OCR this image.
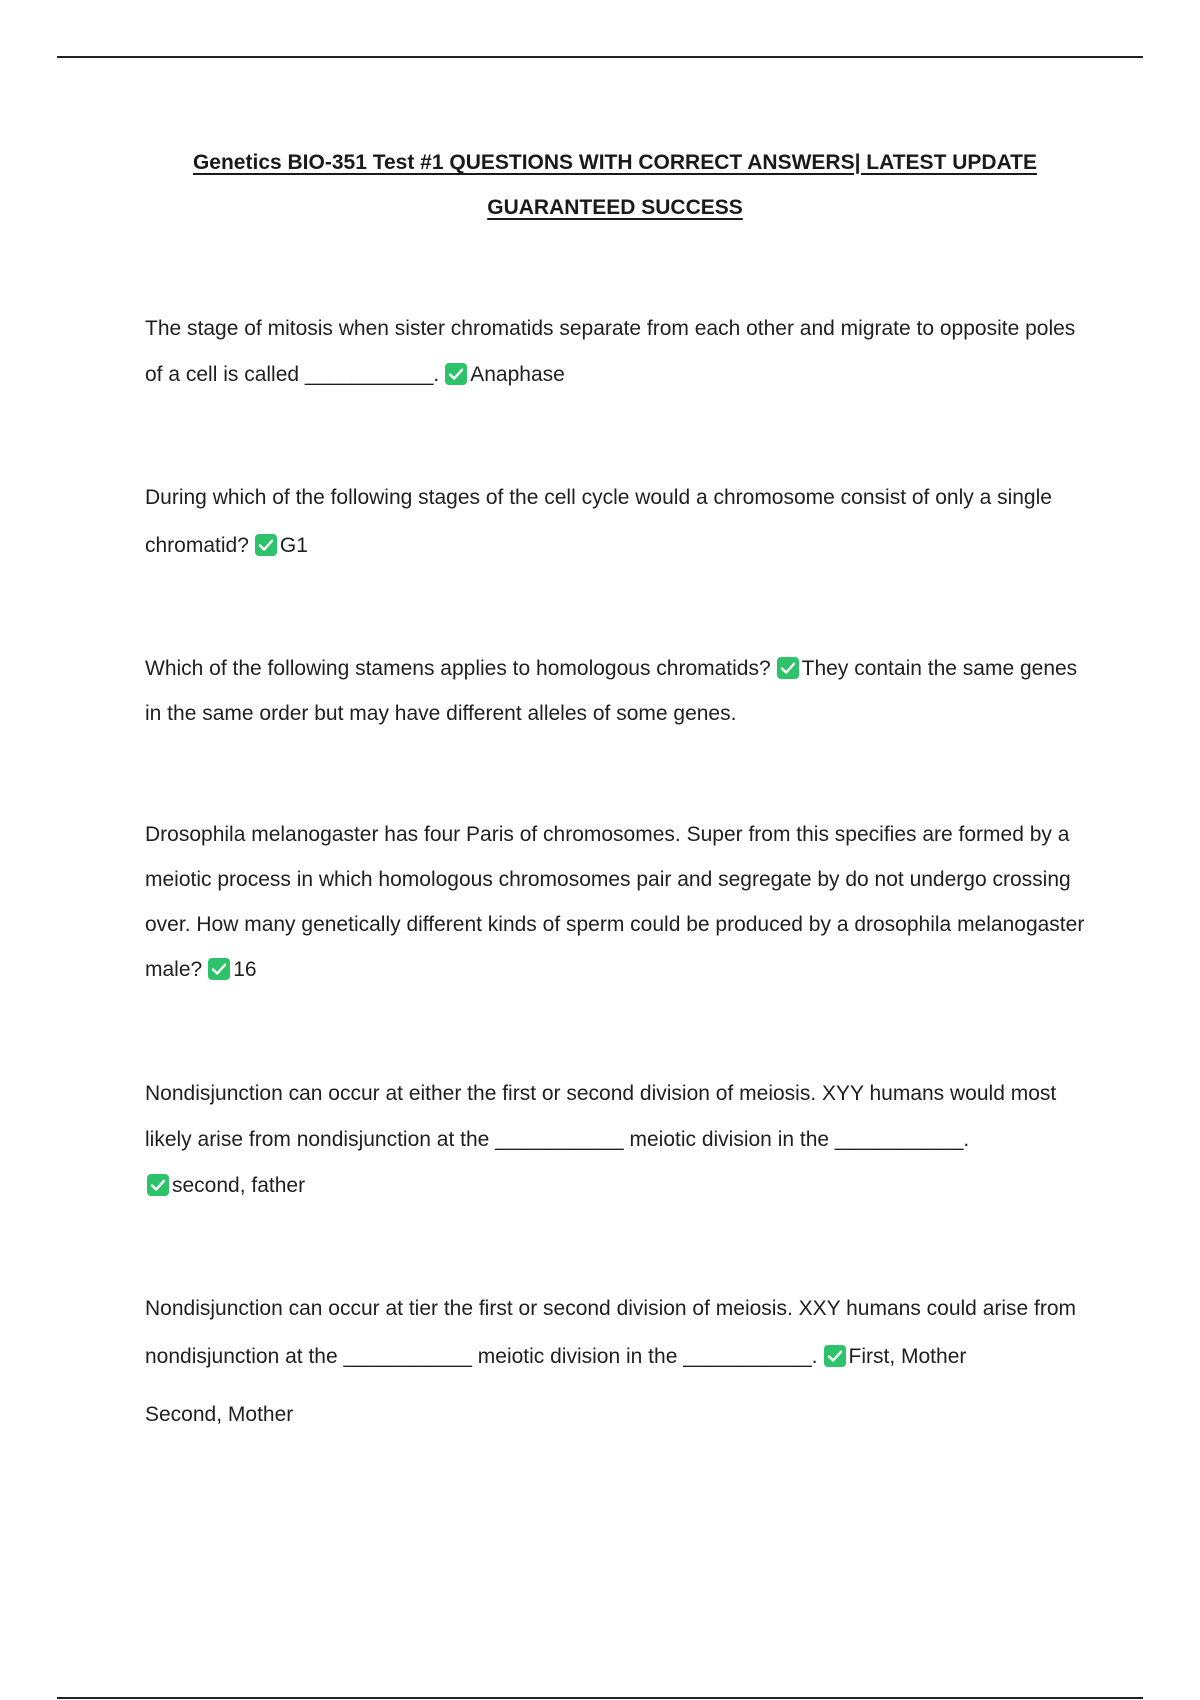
Genetics BIO-351 Test #1 QUESTIONS WITH CORRECT ANSWERS| LATEST UPDATE
GUARANTEED SUCCESS
The stage of mitosis when sister chromatids separate from each other and migrate to opposite poles of a cell is called ___________. Anaphase
During which of the following stages of the cell cycle would a chromosome consist of only a single chromatid? G1
Which of the following stamens applies to homologous chromatids? They contain the same genes in the same order but may have different alleles of some genes.
Drosophila melanogaster has four Paris of chromosomes. Super from this specifies are formed by a meiotic process in which homologous chromosomes pair and segregate by do not undergo crossing over. How many genetically different kinds of sperm could be produced by a drosophila melanogaster male? 16
Nondisjunction can occur at either the first or second division of meiosis. XYY humans would most likely arise from nondisjunction at the ___________ meiotic division in the ___________.

second, father
Nondisjunction can occur at tier the first or second division of meiosis. XXY humans could arise from nondisjunction at the ___________ meiotic division in the ___________. First, Mother
Second, Mother
